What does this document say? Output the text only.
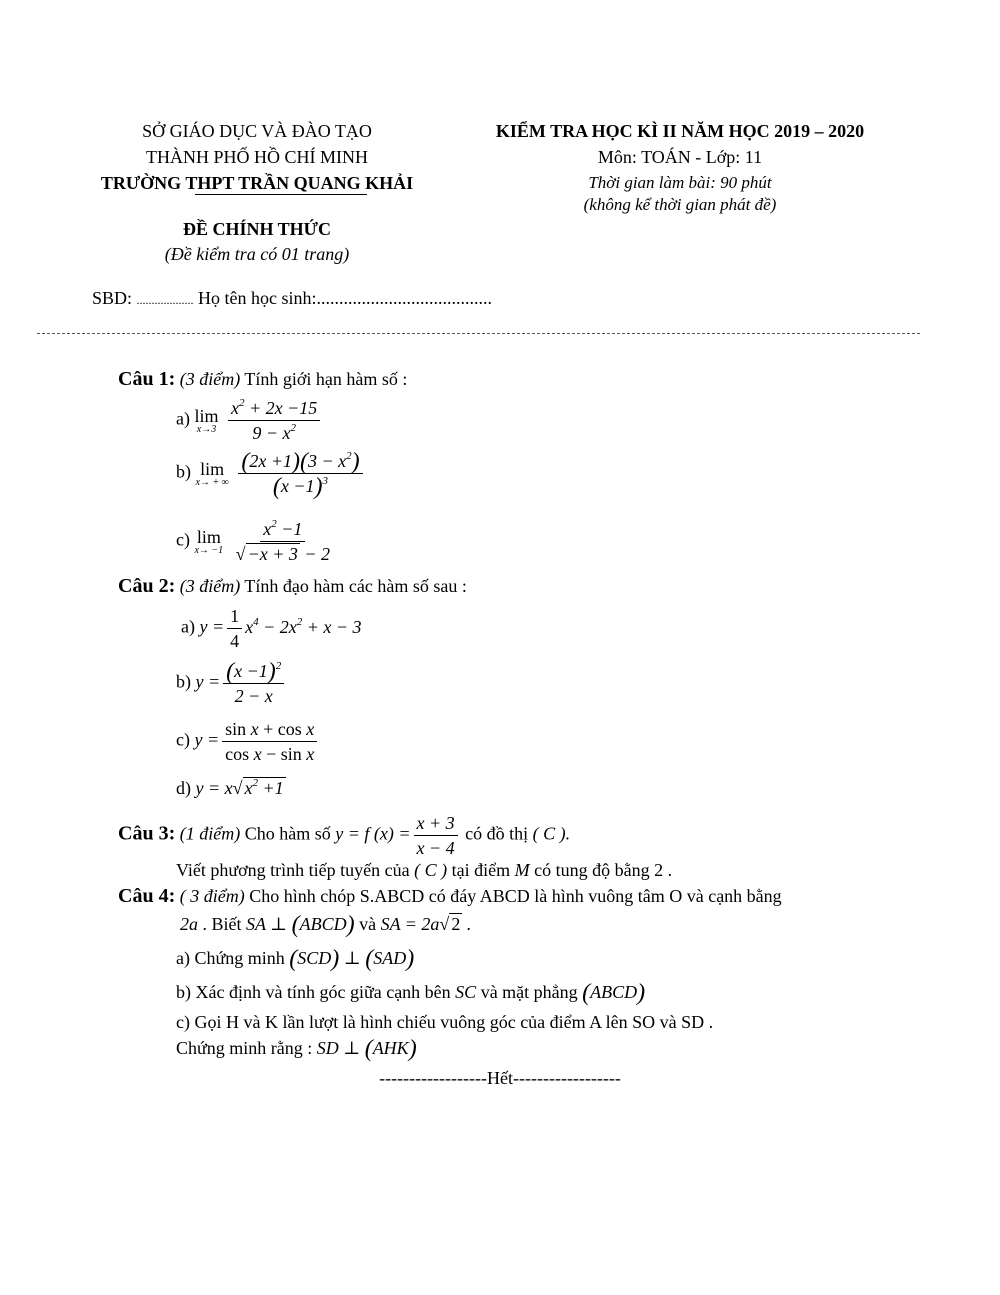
SỞ GIÁO DỤC VÀ ĐÀO TẠO
THÀNH PHỐ HỒ CHÍ MINH
TRƯỜNG THPT TRẦN QUANG KHẢI
ĐỀ CHÍNH THỨC
(Đề kiểm tra có 01 trang)
KIỂM TRA HỌC KÌ II NĂM HỌC 2019 – 2020
Môn: TOÁN - Lớp: 11
Thời gian làm bài: 90 phút
(không kể thời gian phát đề)
SBD: ................... Họ tên học sinh:.......................................
Câu 1: (3 điểm) Tính giới hạn hàm số :
a) lim
x→3
$\frac{x^2 + 2x -15}{9 - x^2}$
b) lim
x→ + ∞
$\frac{(2x +1)(3 - x^2)}{(x -1)^3}$
c) lim
x→ −1
$\frac{x^2 -1}{√ -x + 3 - 2}$
Câu 2: (3 điểm) Tính đạo hàm các hàm số sau :
a) $y = \frac{1}{4} x^4 - 2x^2 + x - 3$
b) $y = \frac{(x -1)^2}{2 - x}$
c) $y = \frac{\text{sin x + cos x}}{\text{cos x − sin x}}$
d) y = x√ $x^2 +1$
Câu 3: (1 điểm) Cho hàm số y = f $(x) = \frac{x + 3}{x - 4}$ có đồ thị ( C ).
Viết phương trình tiếp tuyến của ( C ) tại điểm M có tung độ bằng 2 .
Câu 4: ( 3 điểm) Cho hình chóp S.ABCD có đáy ABCD là hình vuông tâm O và cạnh bằng
2a . Biết SA ⊥ (ABCD) và SA = 2a√ 2 .
a) Chứng minh (SCD) ⊥ (SAD)
b) Xác định và tính góc giữa cạnh bên SC và mặt phẳng (ABCD)
c) Gọi H và K lần lượt là hình chiếu vuông góc của điểm A lên SO và SD .
Chứng minh rằng : SD ⊥ (AHK)
------------------Hết------------------
